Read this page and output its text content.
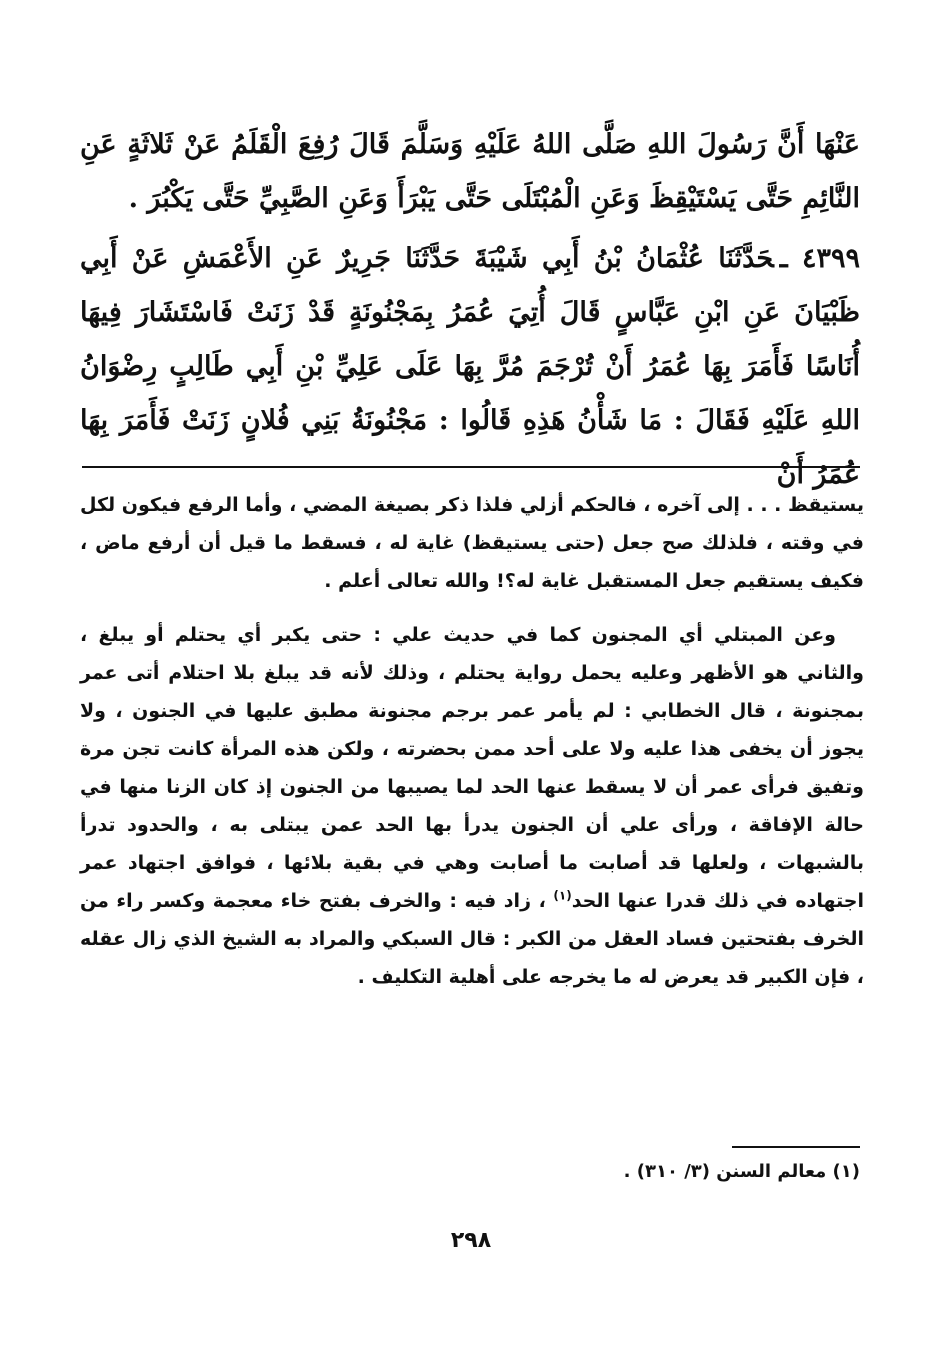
عَنْهَا أَنَّ رَسُولَ اللهِ صَلَّى اللهُ عَلَيْهِ وَسَلَّمَ قَالَ رُفِعَ الْقَلَمُ عَنْ ثَلاثَةٍ عَنِ النَّائِمِ حَتَّى يَسْتَيْقِظَ وَعَنِ الْمُبْتَلَى حَتَّى يَبْرَأَ وَعَنِ الصَّبِيِّ حَتَّى يَكْبُرَ .

٤٣٩٩ ـحَدَّثَنَا عُثْمَانُ بْنُ أَبِي شَيْبَةَ حَدَّثَنَا جَرِيرٌ عَنِ الأَعْمَشِ عَنْ أَبِي ظَبْيَانَ عَنِ ابْنِ عَبَّاسٍ قَالَ أُتِيَ عُمَرُ بِمَجْنُونَةٍ قَدْ زَنَتْ فَاسْتَشَارَ فِيهَا أُنَاسًا فَأَمَرَ بِهَا عُمَرُ أَنْ تُرْجَمَ مُرَّ بِهَا عَلَى عَلِيِّ بْنِ أَبِي طَالِبٍ رِضْوَانُ اللهِ عَلَيْهِ فَقَالَ : مَا شَأْنُ هَذِهِ قَالُوا : مَجْنُونَةُ بَنِي فُلانٍ زَنَتْ فَأَمَرَ بِهَا عُمَرُ أَنْ

يستيقظ . . . إلى آخره ، فالحكم أزلي فلذا ذكر بصيغة المضي ، وأما الرفع فيكون لكل في وقته ، فلذلك صح جعل (حتى يستيقظ) غاية له ، فسقط ما قيل أن أرفع ماض ، فكيف يستقيم جعل المستقبل غاية له؟! والله تعالى أعلم .

وعن المبتلي أي المجنون كما في حديث علي : حتى يكبر أي يحتلم أو يبلغ ، والثاني هو الأظهر وعليه يحمل رواية يحتلم ، وذلك لأنه قد يبلغ بلا احتلام أتى عمر بمجنونة ، قال الخطابي : لم يأمر عمر برجم مجنونة مطبق عليها في الجنون ، ولا يجوز أن يخفى هذا عليه ولا على أحد ممن بحضرته ، ولكن هذه المرأة كانت تجن مرة وتفيق فرأى عمر أن لا يسقط عنها الحد لما يصيبها من الجنون إذ كان الزنا منها في حالة الإفاقة ، ورأى علي أن الجنون يدرأ بها الحد عمن يبتلى به ، والحدود تدرأ بالشبهات ، ولعلها قد أصابت ما أصابت وهي في بقية بلائها ، فوافق اجتهاد عمر اجتهاده في ذلك قدرا عنها الحد$^{(١)}$ ، زاد فيه : والخرف بفتح خاء معجمة وكسر راء من الخرف بفتحتين فساد العقل من الكبر : قال السبكي والمراد به الشيخ الذي زال عقله ، فإن الكبير قد يعرض له ما يخرجه على أهلية التكليف .

(١) معالم السنن (٣/ ٣١٠) .
٢٩٨
